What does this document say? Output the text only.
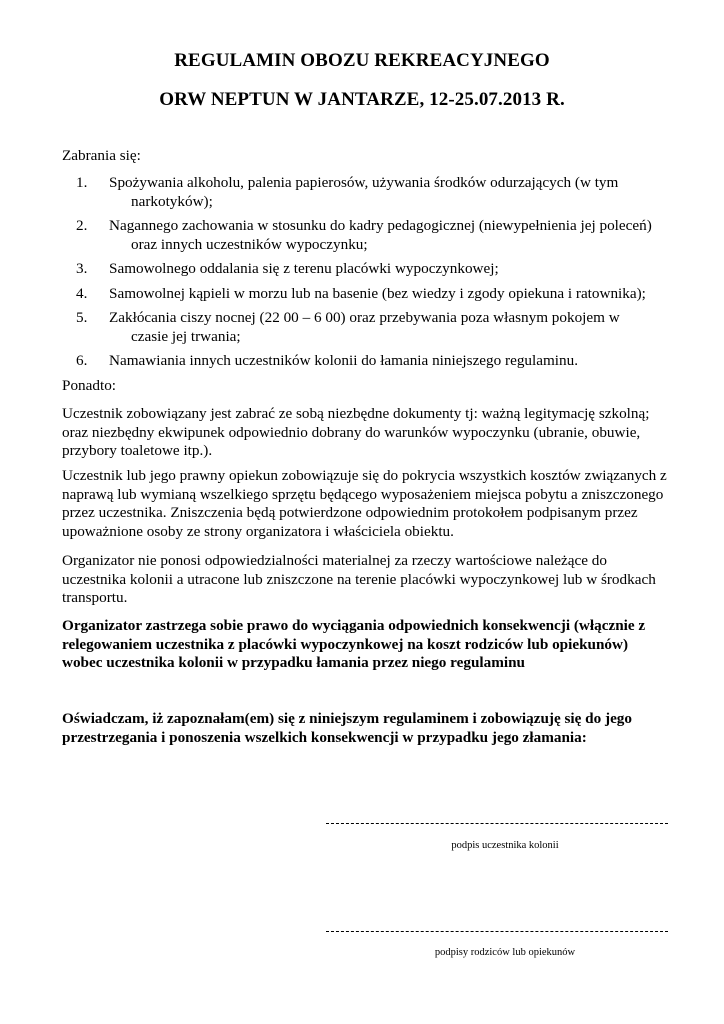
REGULAMIN OBOZU REKREACYJNEGO
ORW NEPTUN W JANTARZE, 12-25.07.2013 R.
Zabrania się:
1. Spożywania alkoholu, palenia papierosów, używania środków odurzających (w tym
narkotyków);
2. Nagannego zachowania w stosunku do kadry pedagogicznej (niewypełnienia jej poleceń)
oraz innych uczestników wypoczynku;
3. Samowolnego oddalania się z terenu placówki wypoczynkowej;
4. Samowolnej kąpieli w morzu lub na basenie (bez wiedzy i zgody opiekuna i ratownika);
5. Zakłócania ciszy nocnej (22 00 – 6 00) oraz przebywania poza własnym pokojem w
czasie jej trwania;
6. Namawiania innych uczestników kolonii do łamania niniejszego regulaminu.
Ponadto:
Uczestnik zobowiązany jest zabrać ze sobą niezbędne dokumenty tj: ważną legitymację szkolną; oraz niezbędny ekwipunek odpowiednio dobrany do warunków wypoczynku (ubranie, obuwie, przybory toaletowe itp.).
Uczestnik lub jego prawny opiekun zobowiązuje się do pokrycia wszystkich kosztów związanych z naprawą lub wymianą wszelkiego sprzętu będącego wyposażeniem miejsca pobytu a zniszczonego przez uczestnika. Zniszczenia będą potwierdzone odpowiednim protokołem podpisanym przez upoważnione osoby ze strony organizatora i właściciela obiektu.
Organizator nie ponosi odpowiedzialności materialnej za rzeczy wartościowe należące do uczestnika kolonii a utracone lub zniszczone na terenie placówki wypoczynkowej lub w środkach transportu.
Organizator zastrzega sobie prawo do wyciągania odpowiednich konsekwencji (włącznie z relegowaniem uczestnika z placówki wypoczynkowej na koszt rodziców lub opiekunów) wobec uczestnika kolonii w przypadku łamania przez niego regulaminu
Oświadczam, iż zapoznałam(em) się z niniejszym regulaminem i zobowiązuję się do jego przestrzegania i ponoszenia wszelkich konsekwencji w przypadku jego złamania:
podpis uczestnika kolonii
podpisy rodziców lub opiekunów
